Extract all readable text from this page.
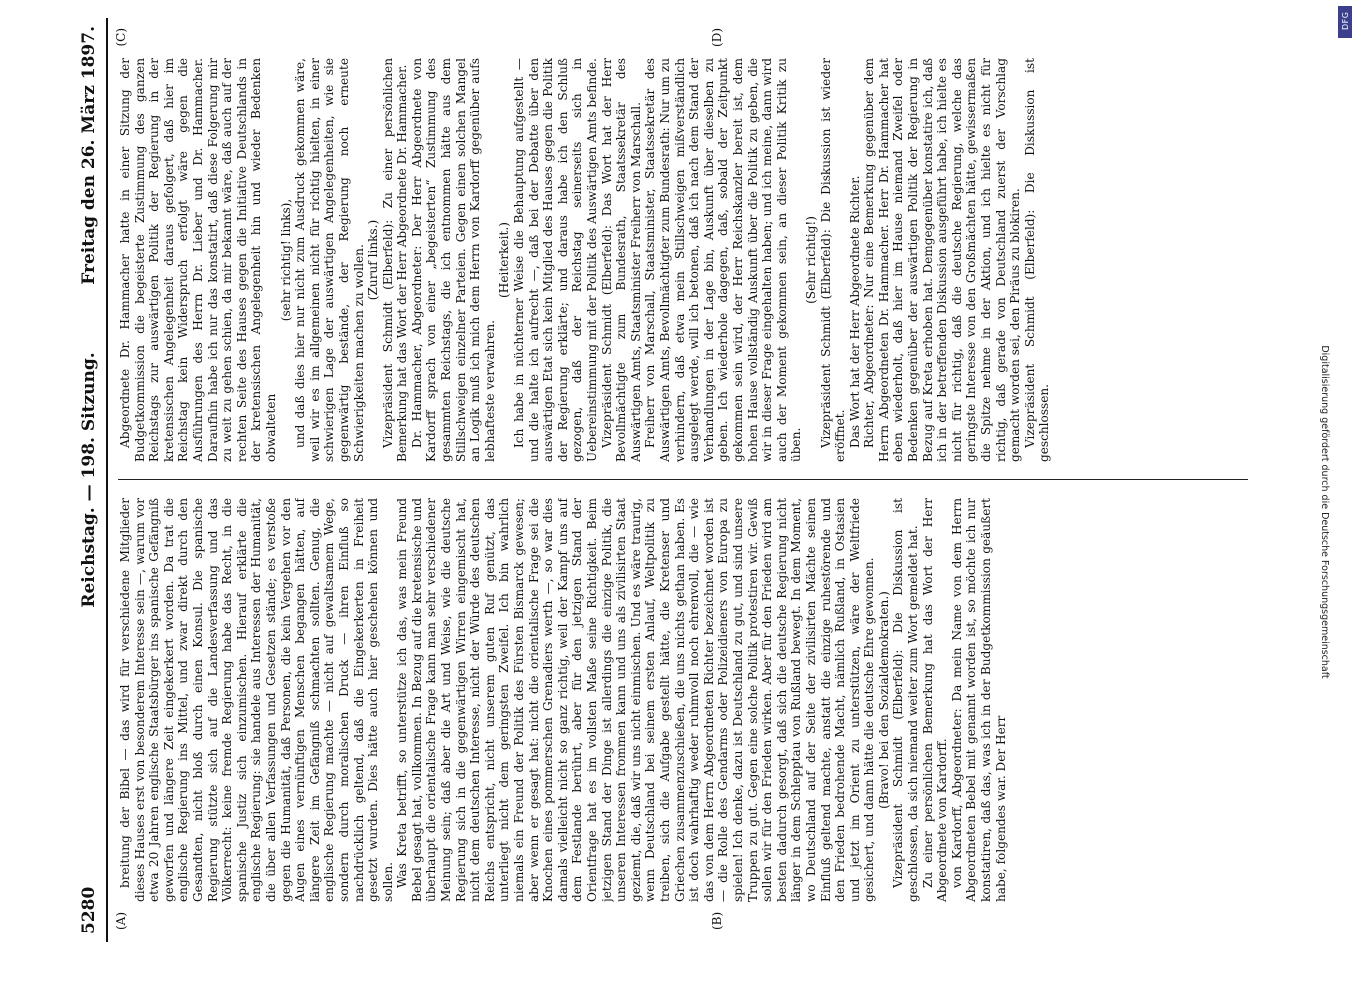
5280
Reichstag. — 198. Sitzung.
Freitag den 26. März 1897.
(A)	(B)
(C)	(D)

breitung der Bibel — das wird für verschiedene Mitglieder dieses Hauses erst von besonderem Interesse sein —, warum vor etwa 20 Jahren englische Staatsbürger ins spanische Gefängniß geworfen und längere Zeit eingekerkert worden. Da trat die englische Regierung ins Mittel, und zwar direkt durch den Gesandten, nicht bloß durch einen Konsul. Die spanische Regierung stützte sich auf die Landesverfassung und das Völkerrecht: keine fremde Regierung habe das Recht, in die spanische Justiz sich einzumischen. Hierauf erklärte die englische Regierung: sie handele aus Interessen der Humanität, die über allen Verfassungen und Gesetzen stände; es verstoße gegen die Humanität, daß Personen, die kein Vergehen vor den Augen eines vernünftigen Menschen begangen hätten, auf längere Zeit im Gefängniß schmachten sollten. Genug, die englische Regierung machte — nicht auf gewaltsamem Wege, sondern durch moralischen Druck — ihren Einfluß so nachdrücklich geltend, daß die Eingekerkerten in Freiheit gesetzt wurden. Dies hätte auch hier geschehen können und sollen. Was Kreta betrifft, so unterstütze ich das, was mein Freund Bebel gesagt hat, vollkommen. In Bezug auf die kretensische und überhaupt die orientalische Frage kann man sehr verschiedener Meinung sein; daß aber die Art und Weise, wie die deutsche Regierung sich in die gegenwärtigen Wirren eingemischt hat, nicht dem deutschen Interesse, nicht der Würde des deutschen Reichs entspricht, nicht unserem guten Ruf genützt, das unterliegt nicht dem geringsten Zweifel. Ich bin wahrlich niemals ein Freund der Politik des Fürsten Bismarck gewesen; aber wenn er gesagt hat: nicht die orientalische Frage sei die Knochen eines pommerschen Grenadiers werth —, so war dies damals vielleicht nicht so ganz richtig, weil der Kampf uns auf dem Festlande berührt, aber für den jetzigen Stand der Orientfrage hat es im vollsten Maße seine Richtigkeit. Beim jetzigen Stand der Dinge ist allerdings die einzige Politik, die unseren Interessen frommen kann und uns als zivilisirten Staat geziemt, die, daß wir uns nicht einmischen. Und es wäre traurig, wenn Deutschland bei seinem ersten Anlauf, Weltpolitik zu treiben, sich die Aufgabe gestellt hätte, die Kretenser und Griechen zusammenzuschießen, die uns nichts gethan haben. Es ist doch wahrhaftig weder ruhmvoll noch ehrenvoll, die — wie das von dem Herrn Abgeordneten Richter bezeichnet worden ist — die Rolle des Gendarms oder Polizeidieners von Europa zu spielen! Ich denke, dazu ist Deutschland zu gut, und sind unsere Truppen zu gut. Gegen eine solche Politik protestiren wir. Gewiß sollen wir für den Frieden wirken. Aber für den Frieden wird am besten dadurch gesorgt, daß sich die deutsche Regierung nicht länger in dem Schlepptau von Rußland bewegt. In dem Moment, wo Deutschland auf der Seite der zivilisirten Mächte seinen Einfluß geltend machte, anstatt die einzige ruhestörende und den Frieden bedrohende Macht, nämlich Rußland, in Ostasien und jetzt im Orient zu unterstützen, wäre der Weltfriede gesichert, und dann hätte die deutsche Ehre gewonnen. (Bravo! bei den Sozialdemokraten.) Vizepräsident Schmidt (Elberfeld): Die Diskussion ist geschlossen, da sich niemand weiter zum Wort gemeldet hat. Zu einer persönlichen Bemerkung hat das Wort der Herr Abgeordnete von Kardorff. von Kardorff, Abgeordneter: Da mein Name von dem Herrn Abgeordneten Bebel mit genannt worden ist, so möchte ich nur konstatiren, daß das, was ich in der Budgetkommission geäußert habe, folgendes war. Der Herr

Abgeordnete Dr. Hammacher hatte in einer Sitzung der Budgetkommission die begeisterte Zustimmung des ganzen Reichstags zur auswärtigen Politik der Regierung in der kretensischen Angelegenheit daraus gefolgert, daß hier im Reichstag kein Widerspruch erfolgt wäre gegen die Ausführungen des Herrn Dr. Lieber und Dr. Hammacher. Daraufhin habe ich nur das konstatirt, daß diese Folgerung mir zu weit zu gehen schien, da mir bekannt wäre, daß auch auf der rechten Seite des Hauses gegen die Initiative Deutschlands in der kretensischen Angelegenheit hin und wieder Bedenken obwalteten

(sehr richtig! links), und daß dies hier nur nicht zum Ausdruck gekommen wäre, weil wir es im allgemeinen nicht für richtig hielten, in einer schwierigen Lage der auswärtigen Angelegenheiten, wie sie gegenwärtig bestände, der Regierung noch erneute Schwierigkeiten machen zu wollen. (Zuruf links.) Vizepräsident Schmidt (Elberfeld): Zu einer persönlichen Bemerkung hat das Wort der Herr Abgeordnete Dr. Hammacher. Dr. Hammacher, Abgeordneter: Der Herr Abgeordnete von Kardorff sprach von einer „begeisterten“ Zustimmung des gesammten Reichstags, die ich entnommen hätte aus dem Stillschweigen einzelner Parteien. Gegen einen solchen Mangel an Logik muß ich mich dem Herrn von Kardorff gegenüber aufs lebhafteste verwahren.

(Heiterkeit.) Ich habe in nüchterner Weise die Behauptung aufgestellt — und die halte ich aufrecht —, daß bei der Debatte über den auswärtigen Etat sich kein Mitglied des Hauses gegen die Politik der Regierung erklärte; und daraus habe ich den Schluß gezogen, daß der Reichstag seinerseits sich in Uebereinstimmung mit der Politik des Auswärtigen Amts befinde. Vizepräsident Schmidt (Elberfeld): Das Wort hat der Herr Bevollmächtigte zum Bundesrath, Staatssekretär des Auswärtigen Amts, Staatsminister Freiherr von Marschall. Freiherr von Marschall, Staatsminister, Staatssekretär des Auswärtigen Amts, Bevollmächtigter zum Bundesrath: Nur um zu verhindern, daß etwa mein Stillschweigen mißverständlich ausgelegt werde, will ich betonen, daß ich nach dem Stand der Verhandlungen in der Lage bin, Auskunft über dieselben zu geben. Ich wiederhole dagegen, daß, sobald der Zeitpunkt gekommen sein wird, der Herr Reichskanzler bereit ist, dem hohen Hause vollständig Auskunft über die Politik zu geben, die wir in dieser Frage eingehalten haben; und ich meine, dann wird auch der Moment gekommen sein, an dieser Politik Kritik zu üben.

(Sehr richtig!) Vizepräsident Schmidt (Elberfeld): Die Diskussion ist wieder eröffnet. Das Wort hat der Herr Abgeordnete Richter. Richter, Abgeordneter: Nur eine Bemerkung gegenüber dem Herrn Abgeordneten Dr. Hammacher. Herr Dr. Hammacher hat eben wiederholt, daß hier im Hause niemand Zweifel oder Bedenken gegenüber der auswärtigen Politik der Regierung in Bezug auf Kreta erhoben hat. Demgegenüber konstatire ich, daß ich in der betreffenden Diskussion ausgeführt habe, ich hielte es nicht für richtig, daß die deutsche Regierung, welche das geringste Interesse von den Großmächten hätte, gewissermaßen die Spitze nehme in der Aktion, und ich hielte es nicht für richtig, daß gerade von Deutschland zuerst der Vorschlag gemacht worden sei, den Piräus zu blokiren. Vizepräsident Schmidt (Elberfeld): Die Diskussion ist geschlossen.

DFG
Digitalisierung gefördert durch die Deutsche Forschungsgemeinschaft
